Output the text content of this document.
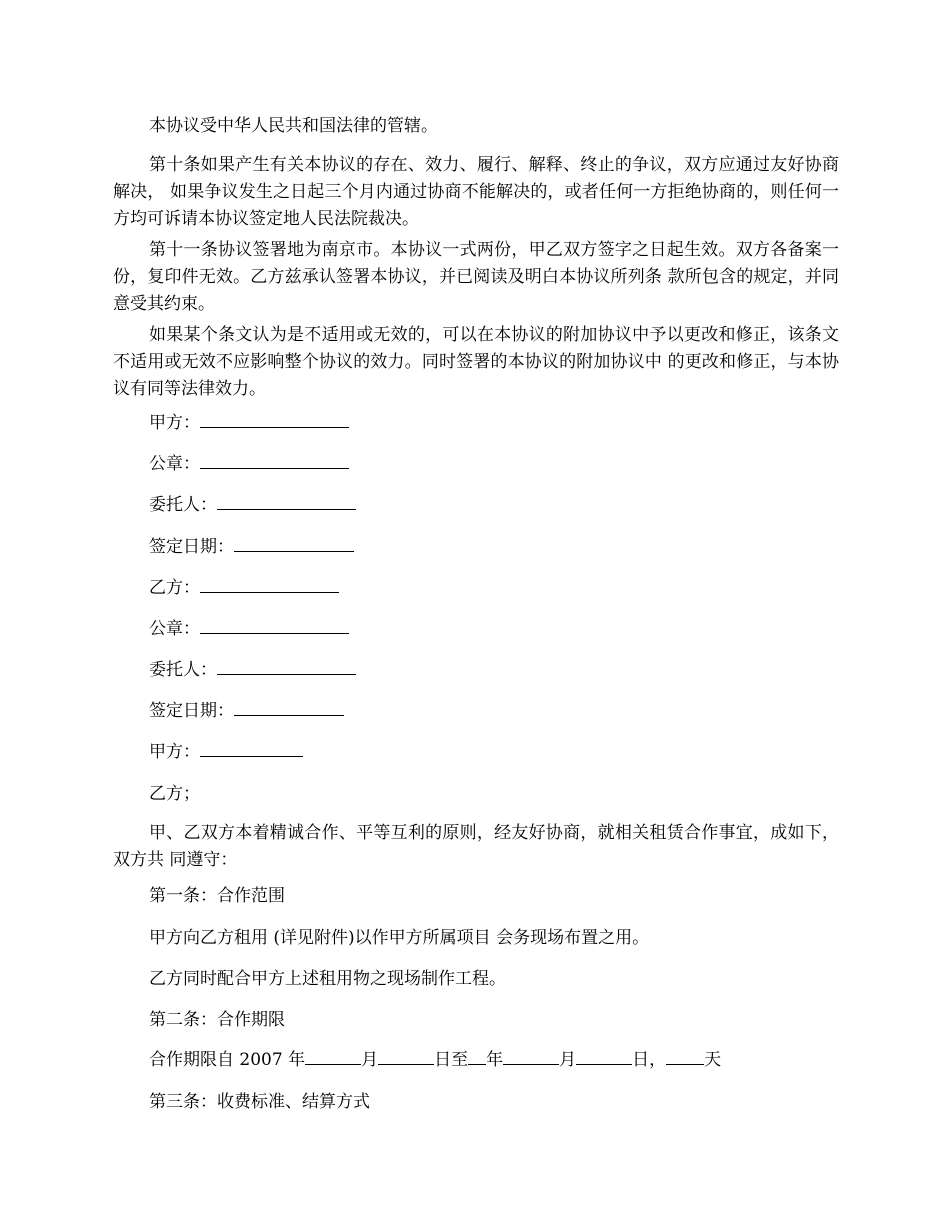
本协议受中华人民共和国法律的管辖。

第十条如果产生有关本协议的存在、效力、履行、解释、终止的争议，双方应通过友好协商解决， 如果争议发生之日起三个月内通过协商不能解决的，或者任何一方拒绝协商的，则任何一方均可诉请本协议签定地人民法院裁决。

第十一条协议签署地为南京市。本协议一式两份，甲乙双方签字之日起生效。双方各备案一份，复印件无效。乙方兹承认签署本协议，并已阅读及明白本协议所列条 款所包含的规定，并同意受其约束。

如果某个条文认为是不适用或无效的，可以在本协议的附加协议中予以更改和修正，该条文不适用或无效不应影响整个协议的效力。同时签署的本协议的附加协议中 的更改和修正，与本协议有同等法律效力。

甲方：
公章：
委托人：
签定日期：
乙方：
公章：
委托人：
签定日期：
甲方：
乙方；

甲、乙双方本着精诚合作、平等互利的原则，经友好协商，就相关租赁合作事宜，成如下，双方共 同遵守：

第一条：合作范围
甲方向乙方租用 (详见附件)以作甲方所属项目 会务现场布置之用。
乙方同时配合甲方上述租用物之现场制作工程。
第二条：合作期限
合作期限自 2007 年	月	日至 年	月	日， 天
第三条：收费标准、结算方式
